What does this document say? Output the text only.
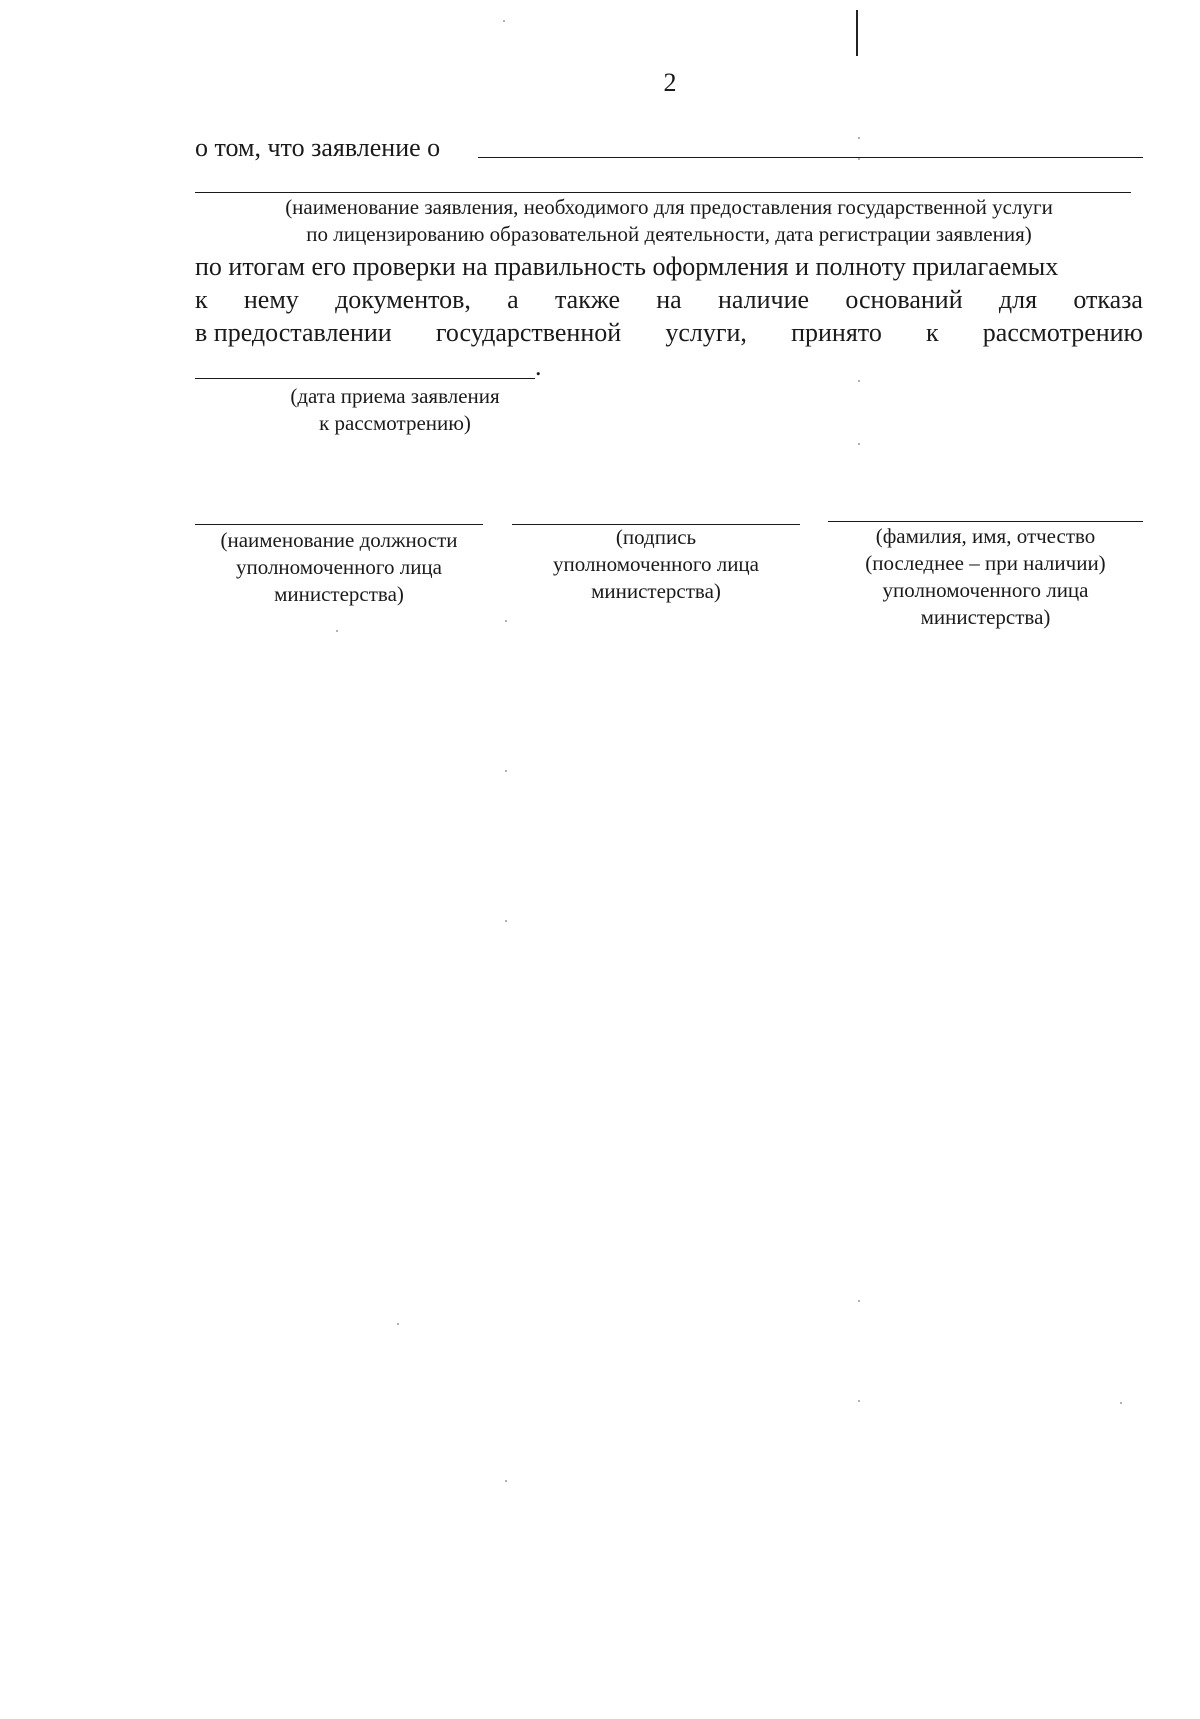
2
о том, что заявление о
(наименование заявления, необходимого для предоставления государственной услуги
по лицензированию образовательной деятельности, дата регистрации заявления)
по итогам его проверки на правильность оформления и полноту прилагаемых
к нему документов, а также на наличие оснований для отказа
в предоставлении государственной услуги, принято к рассмотрению
.
(дата приема заявления
к рассмотрению)
(наименование должности
уполномоченного лица
министерства)
(подпись
уполномоченного лица
министерства)
(фамилия, имя, отчество
(последнее – при наличии)
уполномоченного лица
министерства)
